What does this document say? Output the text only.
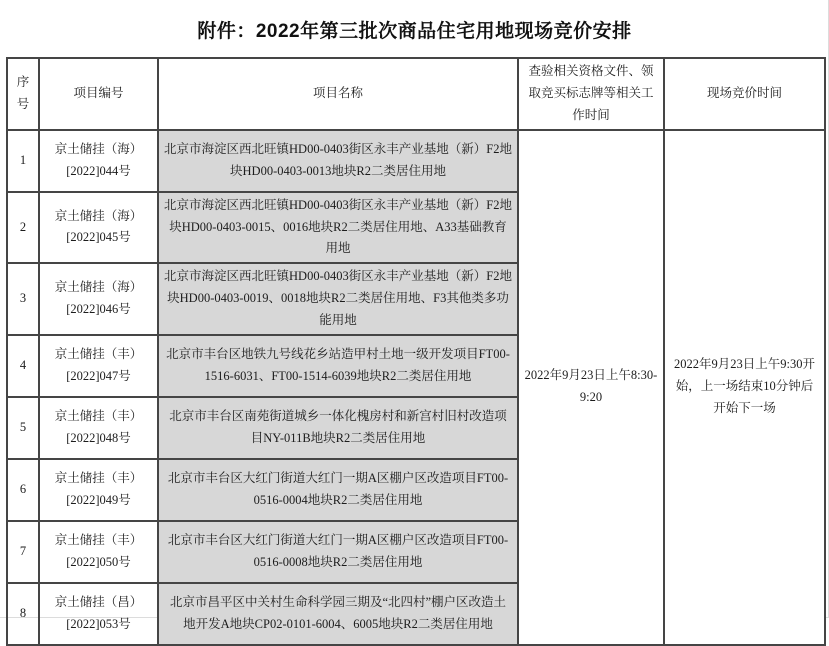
附件：2022年第三批次商品住宅用地现场竞价安排
序号	项目编号	项目名称	查验相关资格文件、领取竞买标志牌等相关工作时间	现场竞价时间
1	京土储挂（海）[2022]044号	北京市海淀区西北旺镇HD00-0403街区永丰产业基地（新）F2地块HD00-0403-0013地块R2二类居住用地	2022年9月23日上午8:30-9:20	2022年9月23日上午9:30开始，上一场结束10分钟后开始下一场
2	京土储挂（海）[2022]045号	北京市海淀区西北旺镇HD00-0403街区永丰产业基地（新）F2地块HD00-0403-0015、0016地块R2二类居住用地、A33基础教育用地		
3	京土储挂（海）[2022]046号	北京市海淀区西北旺镇HD00-0403街区永丰产业基地（新）F2地块HD00-0403-0019、0018地块R2二类居住用地、F3其他类多功能用地		
4	京土储挂（丰）[2022]047号	北京市丰台区地铁九号线花乡站造甲村土地一级开发项目FT00-1516-6031、FT00-1514-6039地块R2二类居住用地		
5	京土储挂（丰）[2022]048号	北京市丰台区南苑街道城乡一体化槐房村和新宫村旧村改造项目NY-011B地块R2二类居住用地		
6	京土储挂（丰）[2022]049号	北京市丰台区大红门街道大红门一期A区棚户区改造项目FT00-0516-0004地块R2二类居住用地		
7	京土储挂（丰）[2022]050号	北京市丰台区大红门街道大红门一期A区棚户区改造项目FT00-0516-0008地块R2二类居住用地		
8	京土储挂（昌）[2022]053号	北京市昌平区中关村生命科学园三期及“北四村”棚户区改造土地开发A地块CP02-0101-6004、6005地块R2二类居住用地		
